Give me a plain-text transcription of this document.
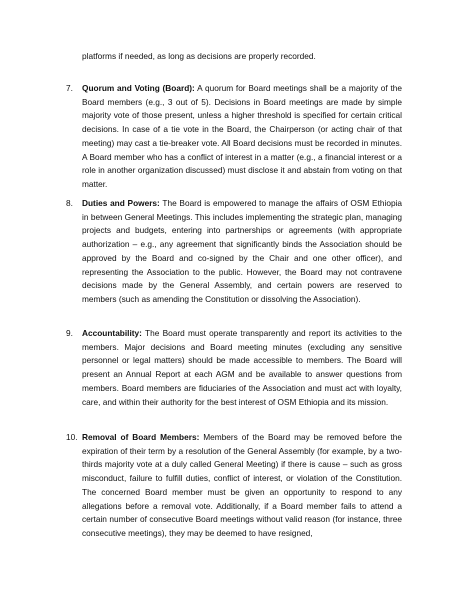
platforms if needed, as long as decisions are properly recorded.

7.	Quorum and Voting (Board): A quorum for Board meetings shall be a majority of the Board members (e.g., 3 out of 5). Decisions in Board meetings are made by simple majority vote of those present, unless a higher threshold is specified for certain critical decisions. In case of a tie vote in the Board, the Chairperson (or acting chair of that meeting) may cast a tie-breaker vote. All Board decisions must be recorded in minutes. A Board member who has a conflict of interest in a matter (e.g., a financial interest or a role in another organization discussed) must disclose it and abstain from voting on that matter.

8.	Duties and Powers: The Board is empowered to manage the affairs of OSM Ethiopia in between General Meetings. This includes implementing the strategic plan, managing projects and budgets, entering into partnerships or agreements (with appropriate authorization – e.g., any agreement that significantly binds the Association should be approved by the Board and co-signed by the Chair and one other officer), and representing the Association to the public. However, the Board may not contravene decisions made by the General Assembly, and certain powers are reserved to members (such as amending the Constitution or dissolving the Association).

9.	Accountability: The Board must operate transparently and report its activities to the members. Major decisions and Board meeting minutes (excluding any sensitive personnel or legal matters) should be made accessible to members. The Board will present an Annual Report at each AGM and be available to answer questions from members. Board members are fiduciaries of the Association and must act with loyalty, care, and within their authority for the best interest of OSM Ethiopia and its mission.

10. Removal of Board Members: Members of the Board may be removed before the expiration of their term by a resolution of the General Assembly (for example, by a two-thirds majority vote at a duly called General Meeting) if there is cause – such as gross misconduct, failure to fulfill duties, conflict of interest, or violation of the Constitution. The concerned Board member must be given an opportunity to respond to any allegations before a removal vote. Additionally, if a Board member fails to attend a certain number of consecutive Board meetings without valid reason (for instance, three consecutive meetings), they may be deemed to have resigned,
